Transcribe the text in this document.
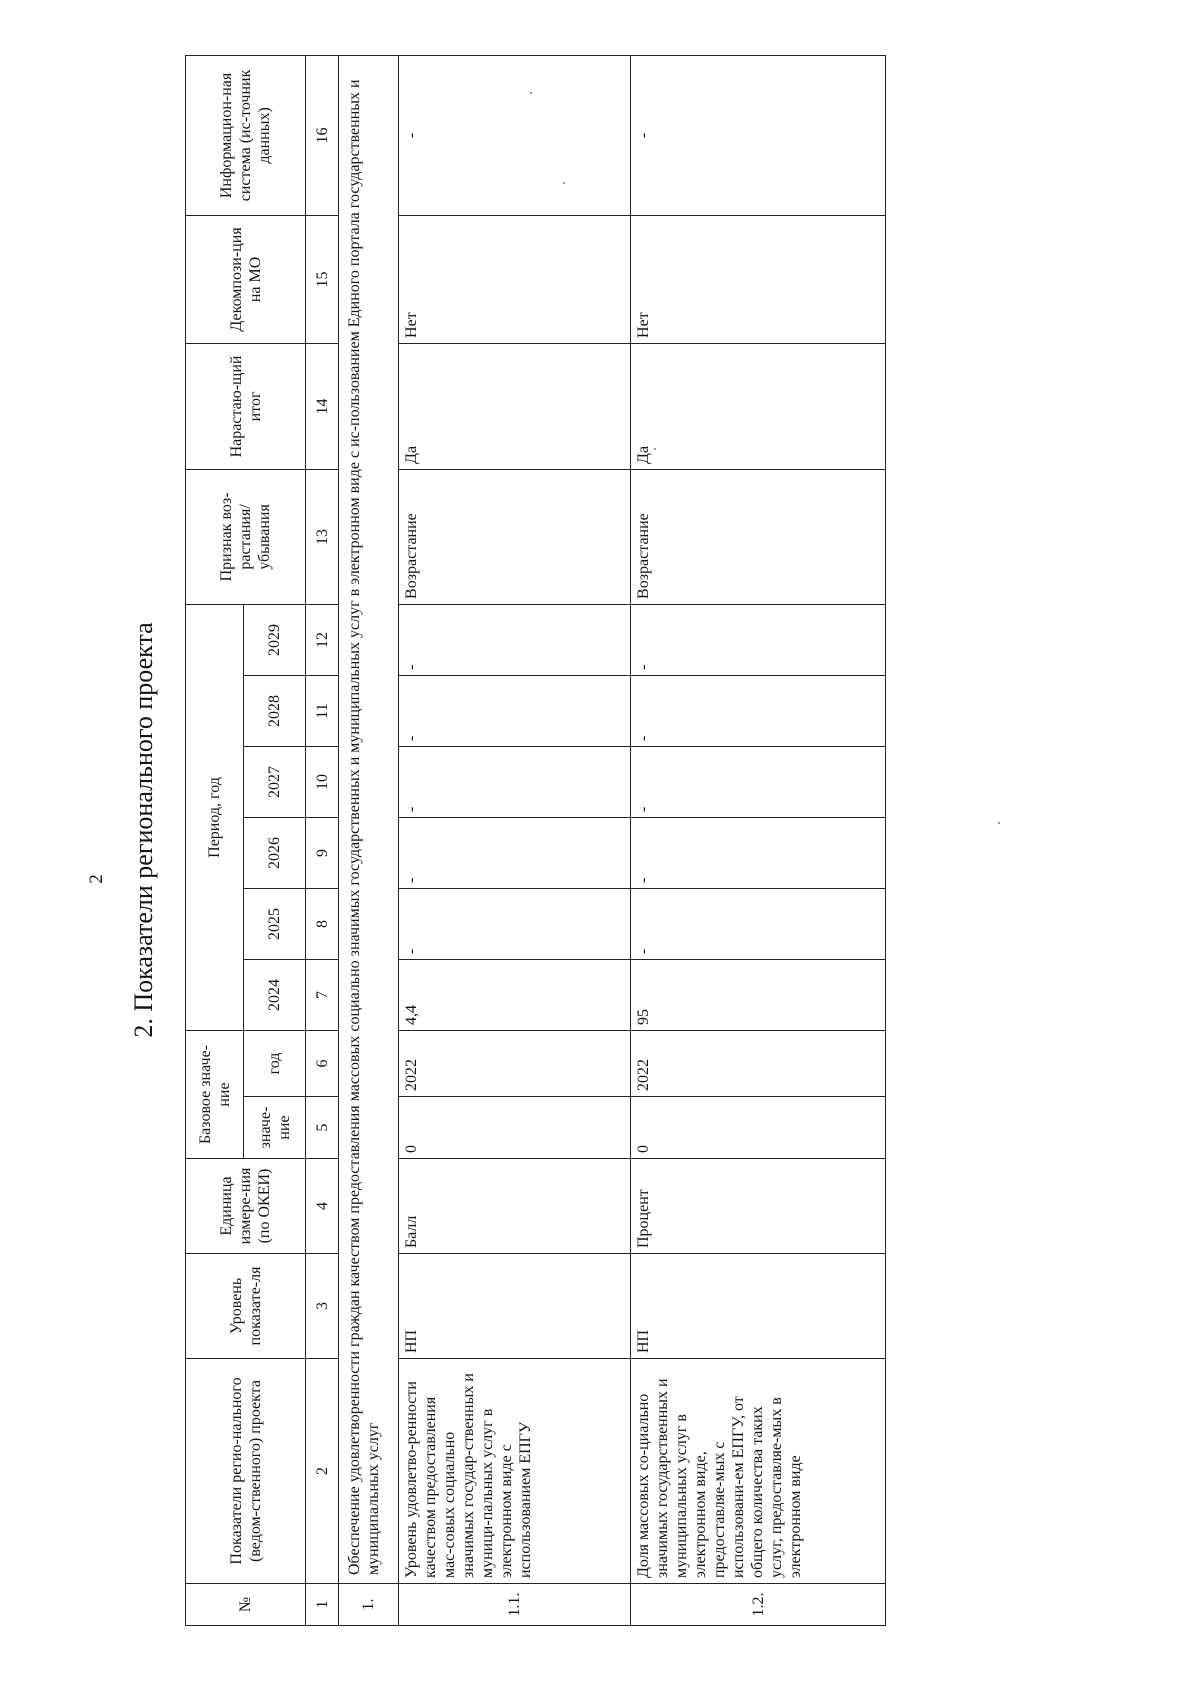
2 2. Показатели регионального проекта
№	Показатели регио-нального (ведом-ственного) проекта	Уровень показате-ля	Единица измере-ния (по ОКЕИ)	Базовое значе-ние		Период, год						Признак воз-растания/ убывания	Нарастаю-щий итог	Декомпози-ция на МО	Информацион-ная система (ис-точник данных)
				значе-ние	год	2024	2025	2026	2027	2028	2029				
1	2	3	4	5	6	7	8	9	10	11	12	13	14	15	16
1.	Обеспечение удовлетворенности граждан качеством предоставления массовых социально значимых государственных и муниципальных услуг в электронном виде с ис-пользованием Единого портала государственных и муниципальных услуг														
1.1.	Уровень удовлетво-ренности качеством предоставления мас-совых социально значимых государ-ственных и муници-пальных услуг в электронном виде с использованием ЕПГУ	НП	Балл	0	2022	4,4	-	-	-	-	-	Возрастание	Да	Нет	-
1.2.	Доля массовых со-циально значимых государственных и муниципальных услуг в электронном виде, предоставляе-мых с использовани-ем ЕПГУ, от общего количества таких услуг, предоставляе-мых в электронном виде	НП	Процент	0	2022	95	-	-	-	-	-	Возрастание	Да	Нет	-
